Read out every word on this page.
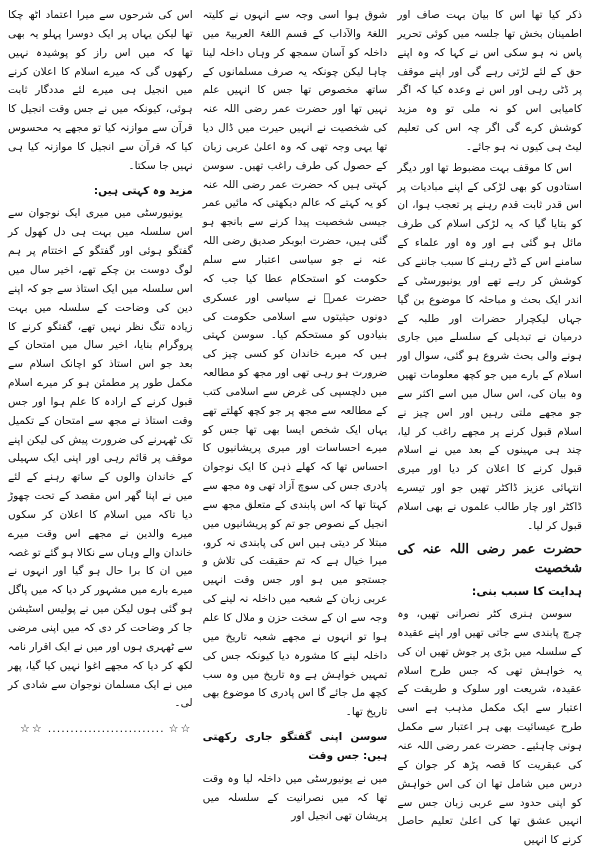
ذکر کیا تھا اس کا بیان بہت صاف اور اطمینان بخش تھا جلسہ میں کوئی تحریر پاس نہ ہو سکی اس نے کہا کہ وہ اپنے حق کے لئے لڑتی رہے گی اور اپنے موقف پر ڈٹی رہی اور اس نے وعدہ کیا کہ اگر کامیابی اس کو نہ ملی تو وہ مزید کوشش کرے گی اگر چہ اس کی تعلیم لیٹ ہی کیوں نہ ہو جائے۔

اس کا موقف بہت مضبوط تھا اور دیگر استادوں کو بھی لڑکی کے اپنے مبادیات پر اس قدر ثابت قدم رہنے پر تعجب ہوا، ان کو بتایا گیا کہ یہ لڑکی اسلام کی طرف مائل ہو گئی ہے اور وہ اور علماء کے سامنے اس کے ڈٹے رہنے کا سبب جاننے کی کوشش کر رہے تھے اور یونیورسٹی کے اندر ایک بحث و مباحثہ کا موضوع بن گیا جہاں لیکچرار حضرات اور طلبہ کے درمیان نے تبدیلی کے سلسلے میں جاری ہونے والی بحث شروع ہو گئی، سوال اور اسلام کے بارے میں جو کچھ معلومات تھیں وہ بیان کی، اس سال میں اسے اکثر سے جو مجھے ملتی رہیں اور اس چیز نے اسلام قبول کرنے پر مجھے راغب کر لیا، چند ہی مہینوں کے بعد میں نے اسلام قبول کرنے کا اعلان کر دیا اور میری انتہائی عزیز ڈاکٹر تھیں جو اور تیسرے ڈاکٹر اور چار طالب علموں نے بھی اسلام قبول کر لیا۔

حضرت عمر رضی اللہ عنہ کی شخصیت
ہدایت کا سبب بنی:

سوسن ہنری کٹر نصرانی تھیں، وہ چرچ پابندی سے جاتی تھیں اور اپنے عقیدہ کے سلسلہ میں بڑی پر جوش تھیں ان کی یہ خواہش تھی کہ جس طرح اسلام عقیدہ، شریعت اور سلوک و طریقت کے اعتبار سے ایک مکمل مذہب ہے اسی طرح عیسائیت بھی ہر اعتبار سے مکمل ہونی چاہئیے۔ حضرت عمر رضی اللہ عنہ کی عبقریت کا قصہ پڑھ کر جوان کے درس میں شامل تھا ان کی اس خواہش کو اپنی حدود سے عربی زبان جس سے انہیں عشق تھا کی اعلیٰ تعلیم حاصل کرنے کا انہیں

شوق ہوا اسی وجہ سے انہوں نے کلیتہ اللغۃ والآداب کے قسم اللغۃ العربیۃ میں داخلہ کو آسان سمجھ کر وہاں داخلہ لینا چاہا لیکن چونکہ یہ صرف مسلمانوں کے ساتھ مخصوص تھا جس کا انہیں علم نہیں تھا اور حضرت عمر رضی اللہ عنہ کی شخصیت نے انہیں حیرت میں ڈال دیا تھا یہی وجہ تھی کہ وہ اعلیٰ عربی زبان کے حصول کی طرف راغب تھیں۔ سوسن کہتی ہیں کہ حضرت عمر رضی اللہ عنہ کو یہ کہتے کہ عالم دیکھتی کہ مائیں عمر جیسی شخصیت پیدا کرنے سے بانجھ ہو گئی ہیں، حضرت ابوبکر صدیق رضی اللہ عنہ نے جو سیاسی اعتبار سے سلم حکومت کو استحکام عطا کیا جب کہ حضرت عمرؓ نے سیاسی اور عسکری دونوں حیثیتوں سے اسلامی حکومت کی بنیادوں کو مستحکم کیا۔ سوسن کہتی ہیں کہ میرے خاندان کو کسی چیز کی ضرورت ہو رہی تھی اور مجھ کو مطالعہ میں دلچسپی کی غرض سے اسلامی کتب کے مطالعہ سے مجھ پر جو کچھ کھلتے تھے یہاں ایک شخص ایسا بھی تھا جس کو میرے احساسات اور میری پریشانیوں کا احساس تھا کہ کھلے ذہن کا ایک نوجوان پادری جس کی سوچ آزاد تھی وہ مجھ سے کہتا تھا کہ اس پابندی کے متعلق مجھ سے انجیل کے نصوص جو تم کو پریشانیوں میں مبتلا کر دیتی ہیں اس کی پابندی نہ کرو، میرا خیال ہے کہ تم حقیقت کی تلاش و جستجو میں ہو اور جس وقت انہیں عربی زبان کے شعبہ میں داخلہ نہ لینے کی وجہ سے ان کے سخت حزن و ملال کا علم ہوا تو انہوں نے مجھے شعبہ تاریخ میں داخلہ لینے کا مشورہ دیا کیونکہ جس کی تمہیں خواہش ہے وہ تاریخ میں وہ سب کچھ مل جائے گا اس پادری کا موضوع بھی تاریخ تھا۔

سوسن اپنی گفتگو جاری رکھتی ہیں: جس وقت

میں نے یونیورسٹی میں داخلہ لیا وہ وقت تھا کہ میں نصرانیت کے سلسلہ میں پریشان تھی انجیل اور

اس کی شرحوں سے میرا اعتماد اٹھ چکا تھا لیکن یہاں پر ایک دوسرا پہلو یہ بھی تھا کہ میں اس راز کو پوشیدہ نہیں رکھوں گی کہ میرے اسلام کا اعلان کرنے میں انجیل ہی میرے لئے مددگار ثابت ہوئی، کیونکہ میں نے جس وقت انجیل کا قرآن سے موازنہ کیا تو مجھے یہ محسوس کیا کہ قرآن سے انجیل کا موازنہ کیا ہی نہیں جا سکتا۔

مزید وہ کہتی ہیں:

یونیورسٹی میں میری ایک نوجوان سے اس سلسلہ میں بہت ہی دل کھول کر گفتگو ہوئی اور گفتگو کے اختتام پر ہم لوگ دوست بن چکے تھے، اخیر سال میں اس سلسلہ میں ایک استاذ سے جو کہ اپنے دین کی وضاحت کے سلسلہ میں بہت زیادہ تنگ نظر نہیں تھے، گفتگو کرنے کا پروگرام بنایا، اخیر سال میں امتحان کے بعد جو اس استاذ کو اچانک اسلام سے مکمل طور پر مطمئن ہو کر میرے اسلام قبول کرنے کے ارادہ کا علم ہوا اور جس وقت استاذ نے مجھ سے امتحان کے تکمیل تک ٹھہرنے کی ضرورت پیش کی لیکن اپنے موقف پر قائم رہی اور اپنی ایک سہیلی کے خاندان والوں کے ساتھ رہنے کے لئے میں نے اپنا گھر اس مقصد کے تحت چھوڑ دیا تاکہ میں اسلام کا اعلان کر سکوں میرے والدین نے مجھے اس وقت میرے خاندان والے وہاں سے نکالا ہو گئے تو غصہ میں ان کا برا حال ہو گیا اور انہوں نے میرے بارے میں مشہور کر دیا کہ میں پاگل ہو گئی ہوں لیکن میں نے پولیس اسٹیشن جا کر وضاحت کر دی کہ میں اپنی مرضی سے ٹھہری ہوں اور میں نے ایک اقرار نامہ لکھ کر دیا کہ مجھے اغوا نہیں کیا گیا، پھر میں نے ایک مسلمان نوجوان سے شادی کر لی۔

☆☆ .......................... ☆☆
